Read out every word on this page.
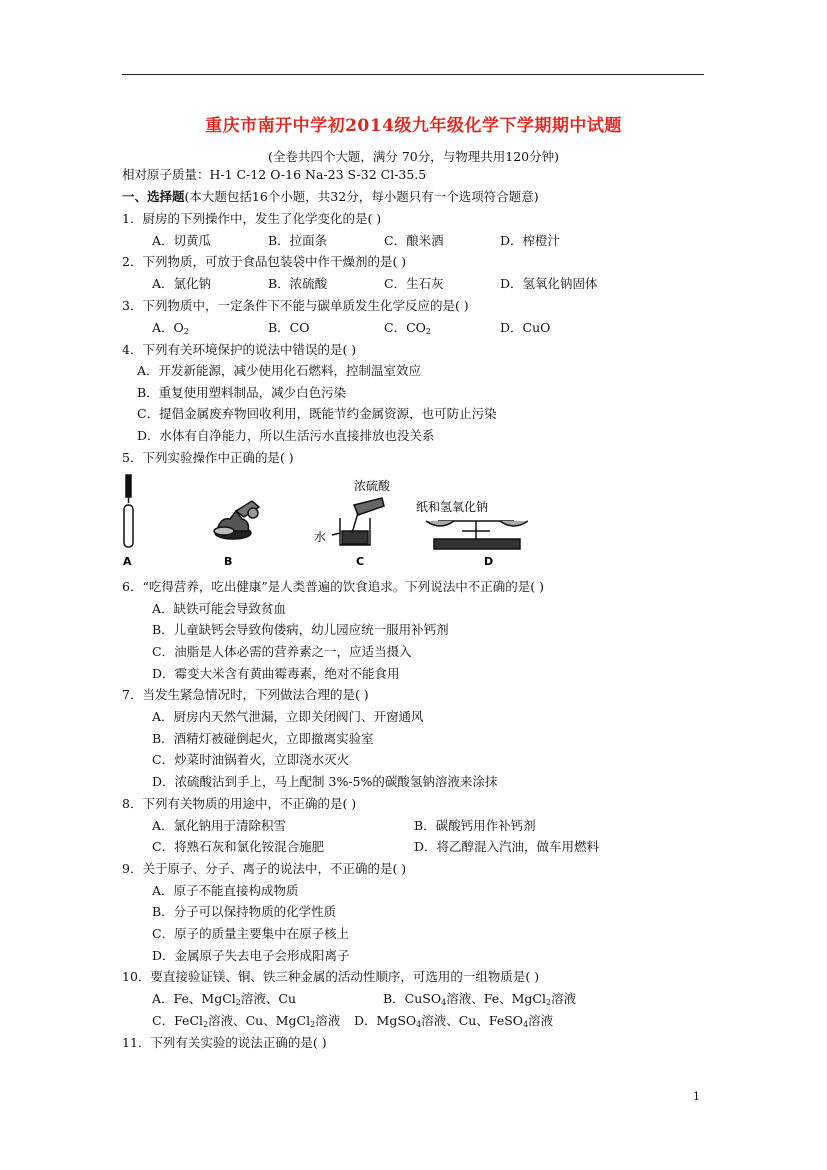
重庆市南开中学初2014级九年级化学下学期期中试题
(全卷共四个大题，满分 70分，与物理共用120分钟)
相对原子质量：H-1 C-12 O-16 Na-23 S-32 Cl-35.5
一、选择题(本大题包括16个小题，共32分，每小题只有一个选项符合题意)
1．厨房的下列操作中，发生了化学变化的是( )
A．切黄瓜	B．拉面条	C．酿米酒	D．榨橙汁
2．下列物质，可放于食品包装袋中作干燥剂的是( )
A．氯化钠	B．浓硫酸	C．生石灰	D．氢氧化钠固体
3．下列物质中，一定条件下不能与碳单质发生化学反应的是( )
A．$O_2$	B．CO	C．$CO_2$	D．CuO
4．下列有关环境保护的说法中错误的是( )
A．开发新能源，减少使用化石燃料，控制温室效应
B．重复使用塑料制品，减少白色污染
C．提倡金属废弃物回收利用，既能节约金属资源，也可防止污染
D．水体有自净能力，所以生活污水直接排放也没关系
5．下列实验操作中正确的是( )
A	B
浓硫酸
水
C
纸和氢氧化钠
D
6．“吃得营养，吃出健康”是人类普遍的饮食追求。下列说法中不正确的是( )
A．缺铁可能会导致贫血
B．儿童缺钙会导致佝偻病，幼儿园应统一服用补钙剂
C．油脂是人体必需的营养素之一，应适当摄入
D．霉变大米含有黄曲霉毒素，绝对不能食用
7．当发生紧急情况时，下列做法合理的是( )
A．厨房内天然气泄漏，立即关闭阀门、开窗通风
B．酒精灯被碰倒起火，立即撤离实验室
C．炒菜时油锅着火，立即浇水灭火
D．浓硫酸沾到手上，马上配制 3%-5%的碳酸氢钠溶液来涂抹
8．下列有关物质的用途中，不正确的是( )
A．氯化钠用于清除积雪	B．碳酸钙用作补钙剂
C．将熟石灰和氯化铵混合施肥	D．将乙醇混入汽油，做车用燃料
9．关于原子、分子、离子的说法中，不正确的是( )
A．原子不能直接构成物质
B．分子可以保持物质的化学性质
C．原子的质量主要集中在原子核上
D．金属原子失去电子会形成阳离子
10．要直接验证镁、铜、铁三种金属的活动性顺序，可选用的一组物质是( )
A．Fe、MgCl$_2$溶液、Cu	B．CuSO$_4$溶液、Fe、MgCl$_2$溶液
C．FeCl$_2$溶液、Cu、MgCl$_2$溶液 D．MgSO$_4$溶液、Cu、FeSO$_4$溶液
11．下列有关实验的说法正确的是( )
1
